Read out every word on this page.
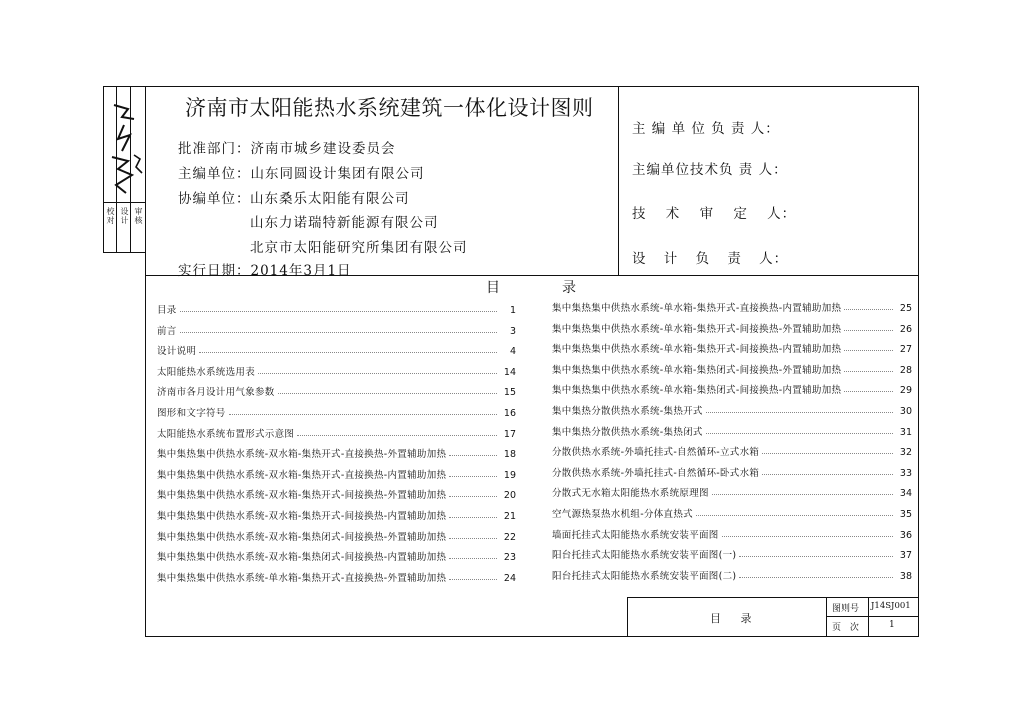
校对 设计 审核
济南市太阳能热水系统建筑一体化设计图则
批准部门：济南市城乡建设委员会
主编单位：山东同圆设计集团有限公司
协编单位： 山东桑乐太阳能有限公司
山东力诺瑞特新能源有限公司
北京市太阳能研究所集团有限公司
实行日期：2014年3月1日
主 编 单 位 负 责 人：
主编单位技术负 责 人：
技 术 审 定 人：
设 计 负 责 人：
目	录
目录	1
前言	3
设计说明	4
太阳能热水系统选用表	14
济南市各月设计用气象参数	15
图形和文字符号	16
太阳能热水系统布置形式示意图	17
集中集热集中供热水系统-双水箱-集热开式-直接换热-外置辅助加热	18
集中集热集中供热水系统-双水箱-集热开式-直接换热-内置辅助加热	19
集中集热集中供热水系统-双水箱-集热开式-间接换热-外置辅助加热	20
集中集热集中供热水系统-双水箱-集热开式-间接换热-内置辅助加热	21
集中集热集中供热水系统-双水箱-集热闭式-间接换热-外置辅助加热	22
集中集热集中供热水系统-双水箱-集热闭式-间接换热-内置辅助加热	23
集中集热集中供热水系统-单水箱-集热开式-直接换热-外置辅助加热	24
集中集热集中供热水系统-单水箱-集热开式-直接换热-内置辅助加热	25
集中集热集中供热水系统-单水箱-集热开式-间接换热-外置辅助加热	26
集中集热集中供热水系统-单水箱-集热开式-间接换热-内置辅助加热	27
集中集热集中供热水系统-单水箱-集热闭式-间接换热-外置辅助加热	28
集中集热集中供热水系统-单水箱-集热闭式-间接换热-内置辅助加热	29
集中集热分散供热水系统-集热开式	30
集中集热分散供热水系统-集热闭式	31
分散供热水系统-外墙托挂式-自然循环-立式水箱	32
分散供热水系统-外墙托挂式-自然循环-卧式水箱	33
分散式无水箱太阳能热水系统原理图	34
空气源热泵热水机组-分体直热式	35
墙面托挂式太阳能热水系统安装平面图	36
阳台托挂式太阳能热水系统安装平面图(一)	37
阳台托挂式太阳能热水系统安装平面图(二)	38
目 录
图则号 J14SJ001
页 次	1
